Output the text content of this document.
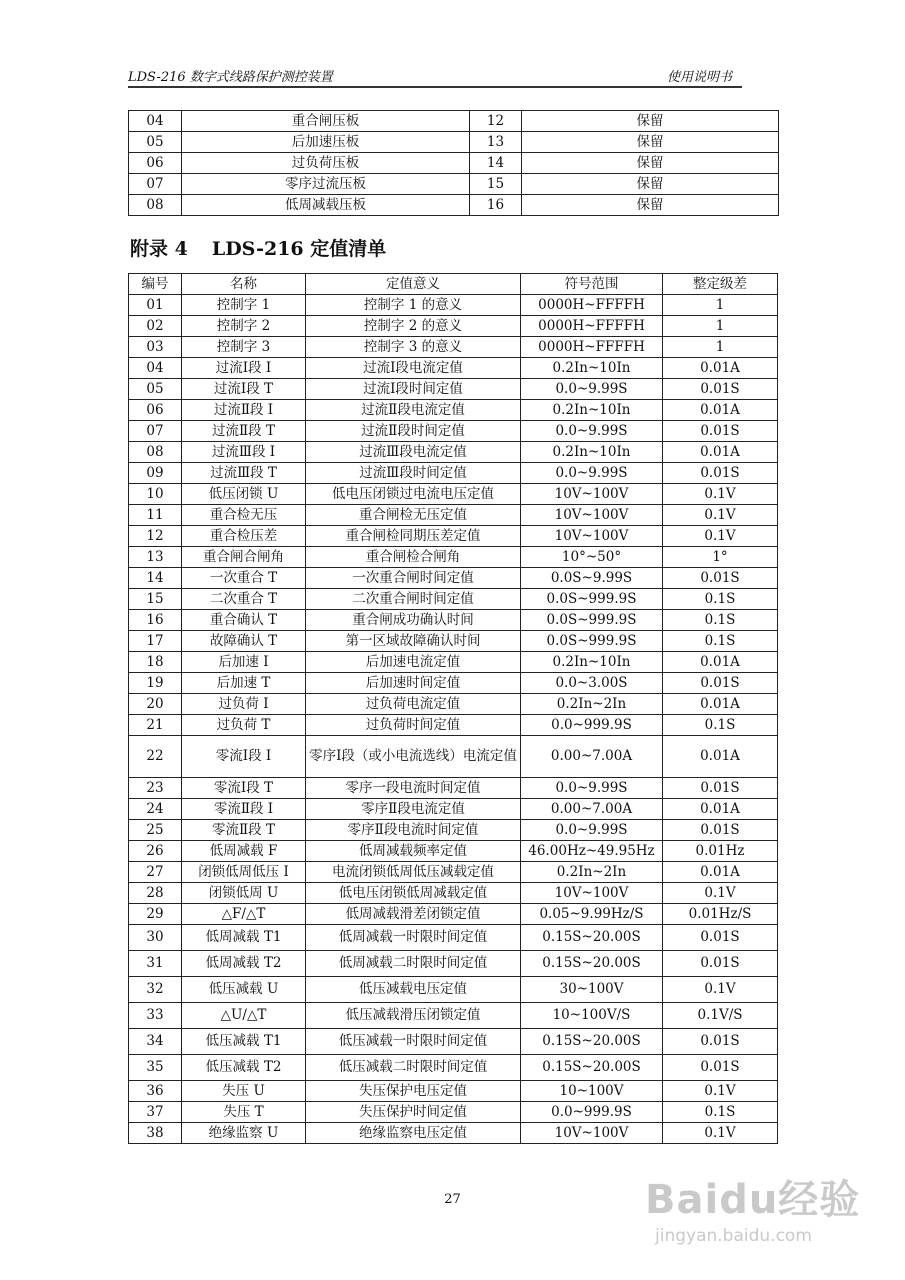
LDS-216 数字式线路保护测控装置	使用说明书
04	重合闸压板	12	保留
05	后加速压板	13	保留
06	过负荷压板	14	保留
07	零序过流压板	15	保留
08	低周减载压板	16	保留
附录 4 LDS-216 定值清单
编号	名称	定值意义	符号范围	整定级差
01	控制字 1	控制字 1 的意义	0000H~FFFFH	1
02	控制字 2	控制字 2 的意义	0000H~FFFFH	1
03	控制字 3	控制字 3 的意义	0000H~FFFFH	1
04	过流Ⅰ段 I	过流Ⅰ段电流定值	0.2In~10In	0.01A
05	过流Ⅰ段 T	过流Ⅰ段时间定值	0.0~9.99S	0.01S
06	过流Ⅱ段 I	过流Ⅱ段电流定值	0.2In~10In	0.01A
07	过流Ⅱ段 T	过流Ⅱ段时间定值	0.0~9.99S	0.01S
08	过流Ⅲ段 I	过流Ⅲ段电流定值	0.2In~10In	0.01A
09	过流Ⅲ段 T	过流Ⅲ段时间定值	0.0~9.99S	0.01S
10	低压闭锁 U	低电压闭锁过电流电压定值	10V~100V	0.1V
11	重合检无压	重合闸检无压定值	10V~100V	0.1V
12	重合检压差	重合闸检同期压差定值	10V~100V	0.1V
13	重合闸合闸角	重合闸检合闸角	10°~50°	1°
14	一次重合 T	一次重合闸时间定值	0.0S~9.99S	0.01S
15	二次重合 T	二次重合闸时间定值	0.0S~999.9S	0.1S
16	重合确认 T	重合闸成功确认时间	0.0S~999.9S	0.1S
17	故障确认 T	第一区域故障确认时间	0.0S~999.9S	0.1S
18	后加速 I	后加速电流定值	0.2In~10In	0.01A
19	后加速 T	后加速时间定值	0.0~3.00S	0.01S
20	过负荷 I	过负荷电流定值	0.2In~2In	0.01A
21	过负荷 T	过负荷时间定值	0.0~999.9S	0.1S
22	零流Ⅰ段 I	零序Ⅰ段（或小电流选线）电流定值	0.00~7.00A	0.01A
23	零流Ⅰ段 T	零序一段电流时间定值	0.0~9.99S	0.01S
24	零流Ⅱ段 I	零序Ⅱ段电流定值	0.00~7.00A	0.01A
25	零流Ⅱ段 T	零序Ⅱ段电流时间定值	0.0~9.99S	0.01S
26	低周减载 F	低周减载频率定值	46.00Hz~49.95Hz	0.01Hz
27	闭锁低周低压 I	电流闭锁低周低压减载定值	0.2In~2In	0.01A
28	闭锁低周 U	低电压闭锁低周减载定值	10V~100V	0.1V
29	△F/△T	低周减载滑差闭锁定值	0.05~9.99Hz/S	0.01Hz/S
30	低周减载 T1	低周减载一时限时间定值	0.15S~20.00S	0.01S
31	低周减载 T2	低周减载二时限时间定值	0.15S~20.00S	0.01S
32	低压减载 U	低压减载电压定值	30~100V	0.1V
33	△U/△T	低压减载滑压闭锁定值	10~100V/S	0.1V/S
34	低压减载 T1	低压减载一时限时间定值	0.15S~20.00S	0.01S
35	低压减载 T2	低压减载二时限时间定值	0.15S~20.00S	0.01S
36	失压 U	失压保护电压定值	10~100V	0.1V
37	失压 T	失压保护时间定值	0.0~999.9S	0.1S
38	绝缘监察 U	绝缘监察电压定值	10V~100V	0.1V
27	Baidu经验
jingyan.baidu.com
